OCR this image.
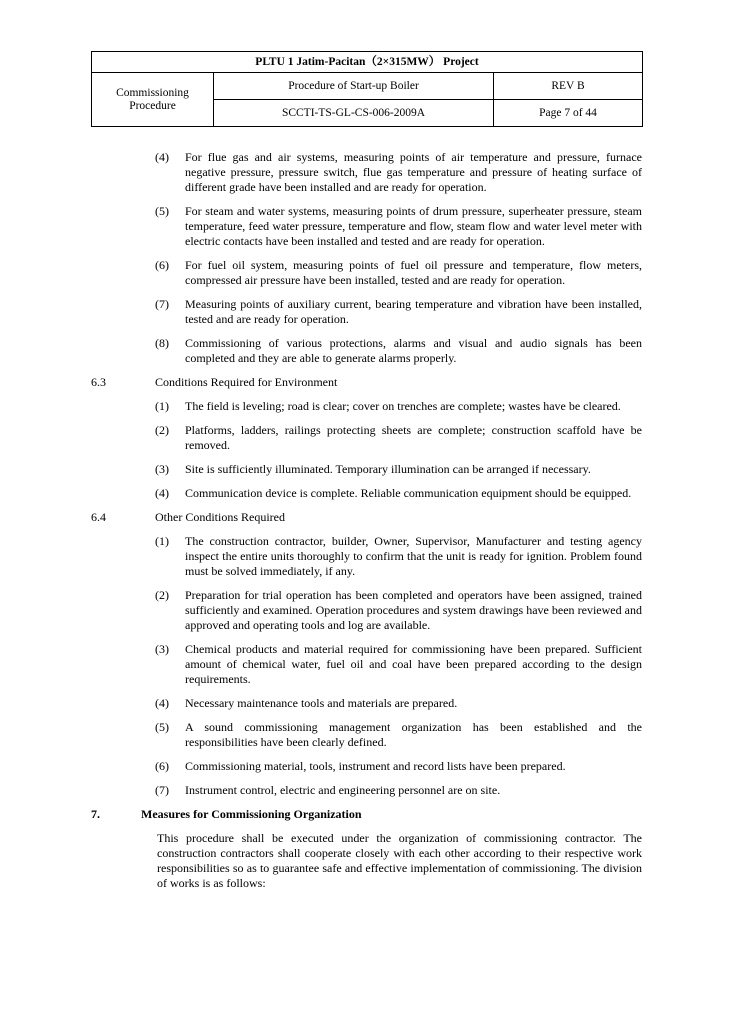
PLTU 1 Jatim-Pacitan（2×315MW） Project		
Commissioning Procedure	Procedure of Start-up Boiler	REV B
	SCCTI-TS-GL-CS-006-2009A	Page 7 of 44
(4) For flue gas and air systems, measuring points of air temperature and pressure, furnace negative pressure, pressure switch, flue gas temperature and pressure of heating surface of different grade have been installed and are ready for operation.
(5) For steam and water systems, measuring points of drum pressure, superheater pressure, steam temperature, feed water pressure, temperature and flow, steam flow and water level meter with electric contacts have been installed and tested and are ready for operation.
(6) For fuel oil system, measuring points of fuel oil pressure and temperature, flow meters, compressed air pressure have been installed, tested and are ready for operation.
(7) Measuring points of auxiliary current, bearing temperature and vibration have been installed, tested and are ready for operation.
(8) Commissioning of various protections, alarms and visual and audio signals has been completed and they are able to generate alarms properly.
6.3	Conditions Required for Environment
(1) The field is leveling; road is clear; cover on trenches are complete; wastes have be cleared.
(2) Platforms, ladders, railings protecting sheets are complete; construction scaffold have be removed.
(3) Site is sufficiently illuminated. Temporary illumination can be arranged if necessary.
(4) Communication device is complete. Reliable communication equipment should be equipped.
6.4	Other Conditions Required
(1) The construction contractor, builder, Owner, Supervisor, Manufacturer and testing agency inspect the entire units thoroughly to confirm that the unit is ready for ignition. Problem found must be solved immediately, if any.
(2) Preparation for trial operation has been completed and operators have been assigned, trained sufficiently and examined. Operation procedures and system drawings have been reviewed and approved and operating tools and log are available.
(3) Chemical products and material required for commissioning have been prepared. Sufficient amount of chemical water, fuel oil and coal have been prepared according to the design requirements.
(4) Necessary maintenance tools and materials are prepared.
(5) A sound commissioning management organization has been established and the responsibilities have been clearly defined.
(6) Commissioning material, tools, instrument and record lists have been prepared.
(7) Instrument control, electric and engineering personnel are on site.
7.	Measures for Commissioning Organization
This procedure shall be executed under the organization of commissioning contractor. The construction contractors shall cooperate closely with each other according to their respective work responsibilities so as to guarantee safe and effective implementation of commissioning. The division of works is as follows:
